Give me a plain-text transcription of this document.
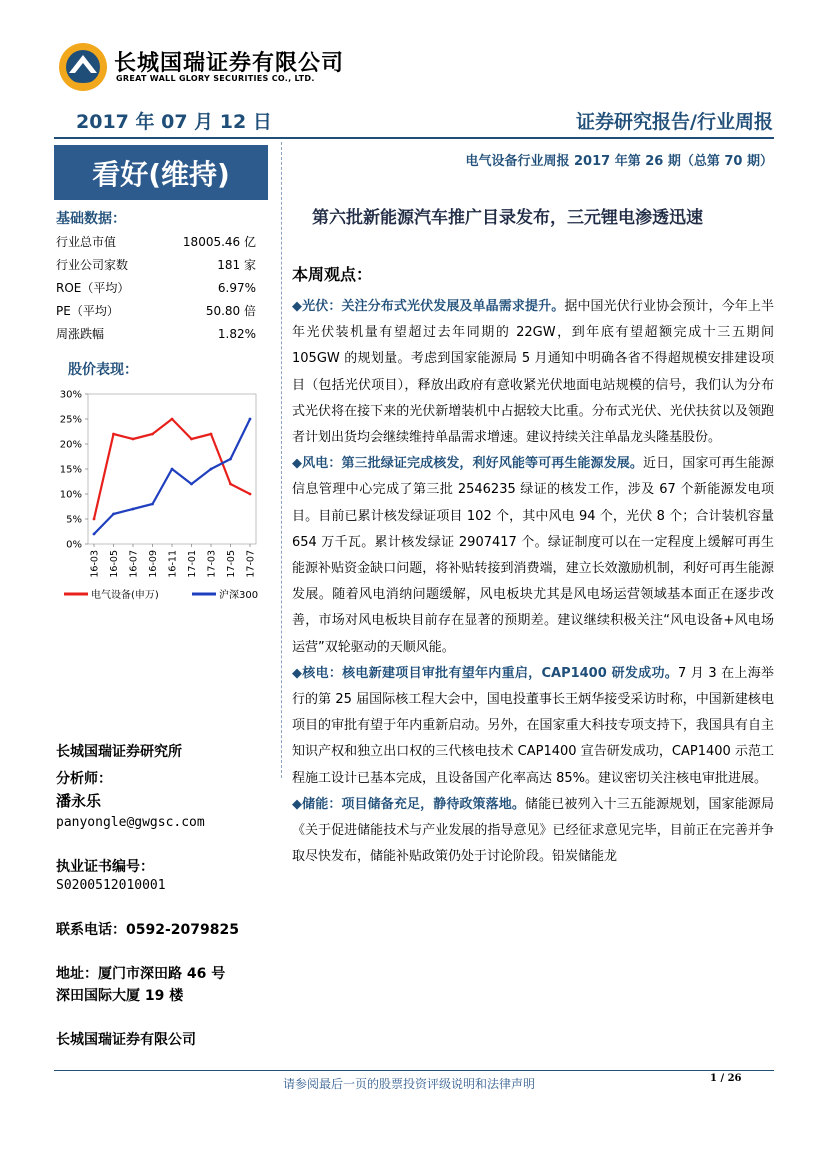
长城国瑞证券有限公司
GREAT WALL GLORY SECURITIES CO., LTD.
2017 年 07 月 12 日	证券研究报告/行业周报
看好(维持)	电气设备行业周报 2017 年第 26 期（总第 70 期）
第六批新能源汽车推广目录发布，三元锂电渗透迅速
基础数据：
行业总市值	18005.46 亿
行业公司家数	181 家
ROE（平均）	6.97%
PE（平均）	50.80 倍
周涨跌幅	1.82%
股价表现：
0%
5%
10%
15%
20%
25%
30%
16-03 16-05 16-07 16-09 16-11 17-01 17-03 17-05 17-07
电气设备(申万)	沪深300
本周观点：

◆光伏：关注分布式光伏发展及单晶需求提升。据中国光伏行业协会预计，今年上半年光伏装机量有望超过去年同期的 22GW，到年底有望超额完成十三五期间 105GW 的规划量。考虑到国家能源局 5 月通知中明确各省不得超规模安排建设项目（包括光伏项目），释放出政府有意收紧光伏地面电站规模的信号，我们认为分布式光伏将在接下来的光伏新增装机中占据较大比重。分布式光伏、光伏扶贫以及领跑者计划出货均会继续维持单晶需求增速。建议持续关注单晶龙头隆基股份。

◆风电：第三批绿证完成核发，利好风能等可再生能源发展。近日，国家可再生能源信息管理中心完成了第三批 2546235 绿证的核发工作，涉及 67 个新能源发电项目。目前已累计核发绿证项目 102 个，其中风电 94 个，光伏 8 个；合计装机容量 654 万千瓦。累计核发绿证 2907417 个。绿证制度可以在一定程度上缓解可再生能源补贴资金缺口问题，将补贴转接到消费端，建立长效激励机制，利好可再生能源发展。随着风电消纳问题缓解，风电板块尤其是风电场运营领域基本面正在逐步改善，市场对风电板块目前存在显著的预期差。建议继续积极关注“风电设备+风电场运营”双轮驱动的天顺风能。

◆核电：核电新建项目审批有望年内重启，CAP1400 研发成功。7 月 3 在上海举行的第 25 届国际核工程大会中，国电投董事长王炳华接受采访时称，中国新建核电项目的审批有望于年内重新启动。另外，在国家重大科技专项支持下，我国具有自主知识产权和独立出口权的三代核电技术 CAP1400 宣告研发成功，CAP1400 示范工程施工设计已基本完成，且设备国产化率高达 85%。建议密切关注核电审批进展。

◆储能：项目储备充足，静待政策落地。储能已被列入十三五能源规划，国家能源局《关于促进储能技术与产业发展的指导意见》已经征求意见完毕，目前正在完善并争取尽快发布，储能补贴政策仍处于讨论阶段。铅炭储能龙

长城国瑞证券研究所
分析师：
潘永乐
panyongle@gwgsc.com
执业证书编号：
S0200512010001
联系电话：0592-2079825
地址：厦门市深田路 46 号
深田国际大厦 19 楼
长城国瑞证券有限公司
请参阅最后一页的股票投资评级说明和法律声明	1 / 26
